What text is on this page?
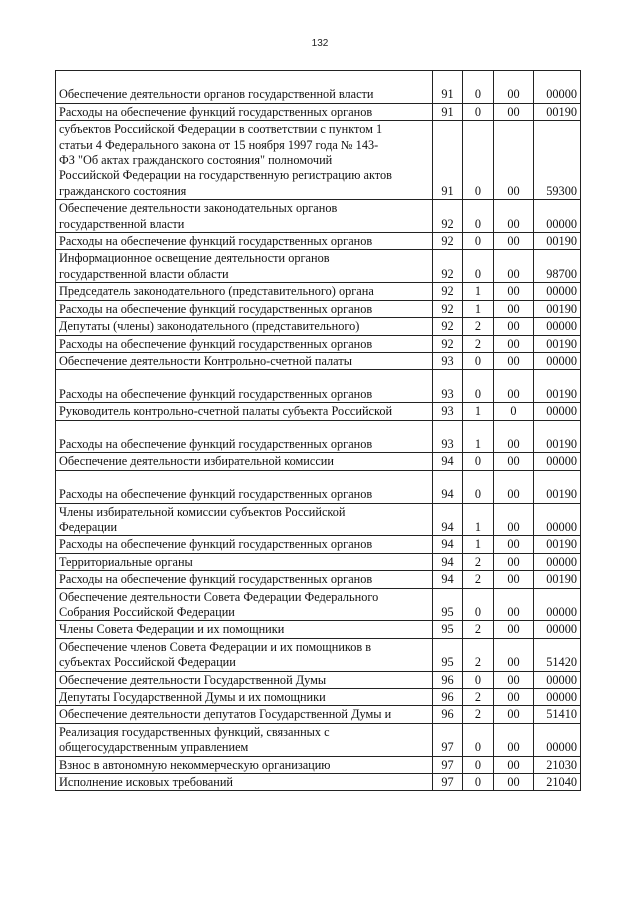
132

Обеспечение деятельности органов государственной власти	91	0	00	00000
Расходы на обеспечение функций государственных органов	91	0	00	00190
субъектов Российской Федерации в соответствии с пунктом 1
статьи 4 Федерального закона от 15 ноября 1997 года № 143-
ФЗ "Об актах гражданского состояния" полномочий
Российской Федерации на государственную регистрацию актов
гражданского состояния	91	0	00	59300
Обеспечение деятельности законодательных органов
государственной власти	92	0	00	00000
Расходы на обеспечение функций государственных органов	92	0	00	00190
Информационное освещение деятельности органов
государственной власти области	92	0	00	98700
Председатель законодательного (представительного) органа	92	1	00	00000
Расходы на обеспечение функций государственных органов	92	1	00	00190
Депутаты (члены) законодательного (представительного)	92	2	00	00000
Расходы на обеспечение функций государственных органов	92	2	00	00190
Обеспечение деятельности Контрольно-счетной палаты	93	0	00	00000

Расходы на обеспечение функций государственных органов	93	0	00	00190
Руководитель контрольно-счетной палаты субъекта Российской	93	1	0	00000

Расходы на обеспечение функций государственных органов	93	1	00	00190
Обеспечение деятельности избирательной комиссии	94	0	00	00000

Расходы на обеспечение функций государственных органов	94	0	00	00190
Члены избирательной комиссии субъектов Российской
Федерации	94	1	00	00000
Расходы на обеспечение функций государственных органов	94	1	00	00190
Территориальные органы	94	2	00	00000
Расходы на обеспечение функций государственных органов	94	2	00	00190
Обеспечение деятельности Совета Федерации Федерального
Собрания Российской Федерации	95	0	00	00000
Члены Совета Федерации и их помощники	95	2	00	00000
Обеспечение членов Совета Федерации и их помощников в
субъектах Российской Федерации	95	2	00	51420
Обеспечение деятельности Государственной Думы	96	0	00	00000
Депутаты Государственной Думы и их помощники	96	2	00	00000
Обеспечение деятельности депутатов Государственной Думы и	96	2	00	51410
Реализация государственных функций, связанных с
общегосударственным управлением	97	0	00	00000
Взнос в автономную некоммерческую организацию	97	0	00	21030
Исполнение исковых требований	97	0	00	21040
